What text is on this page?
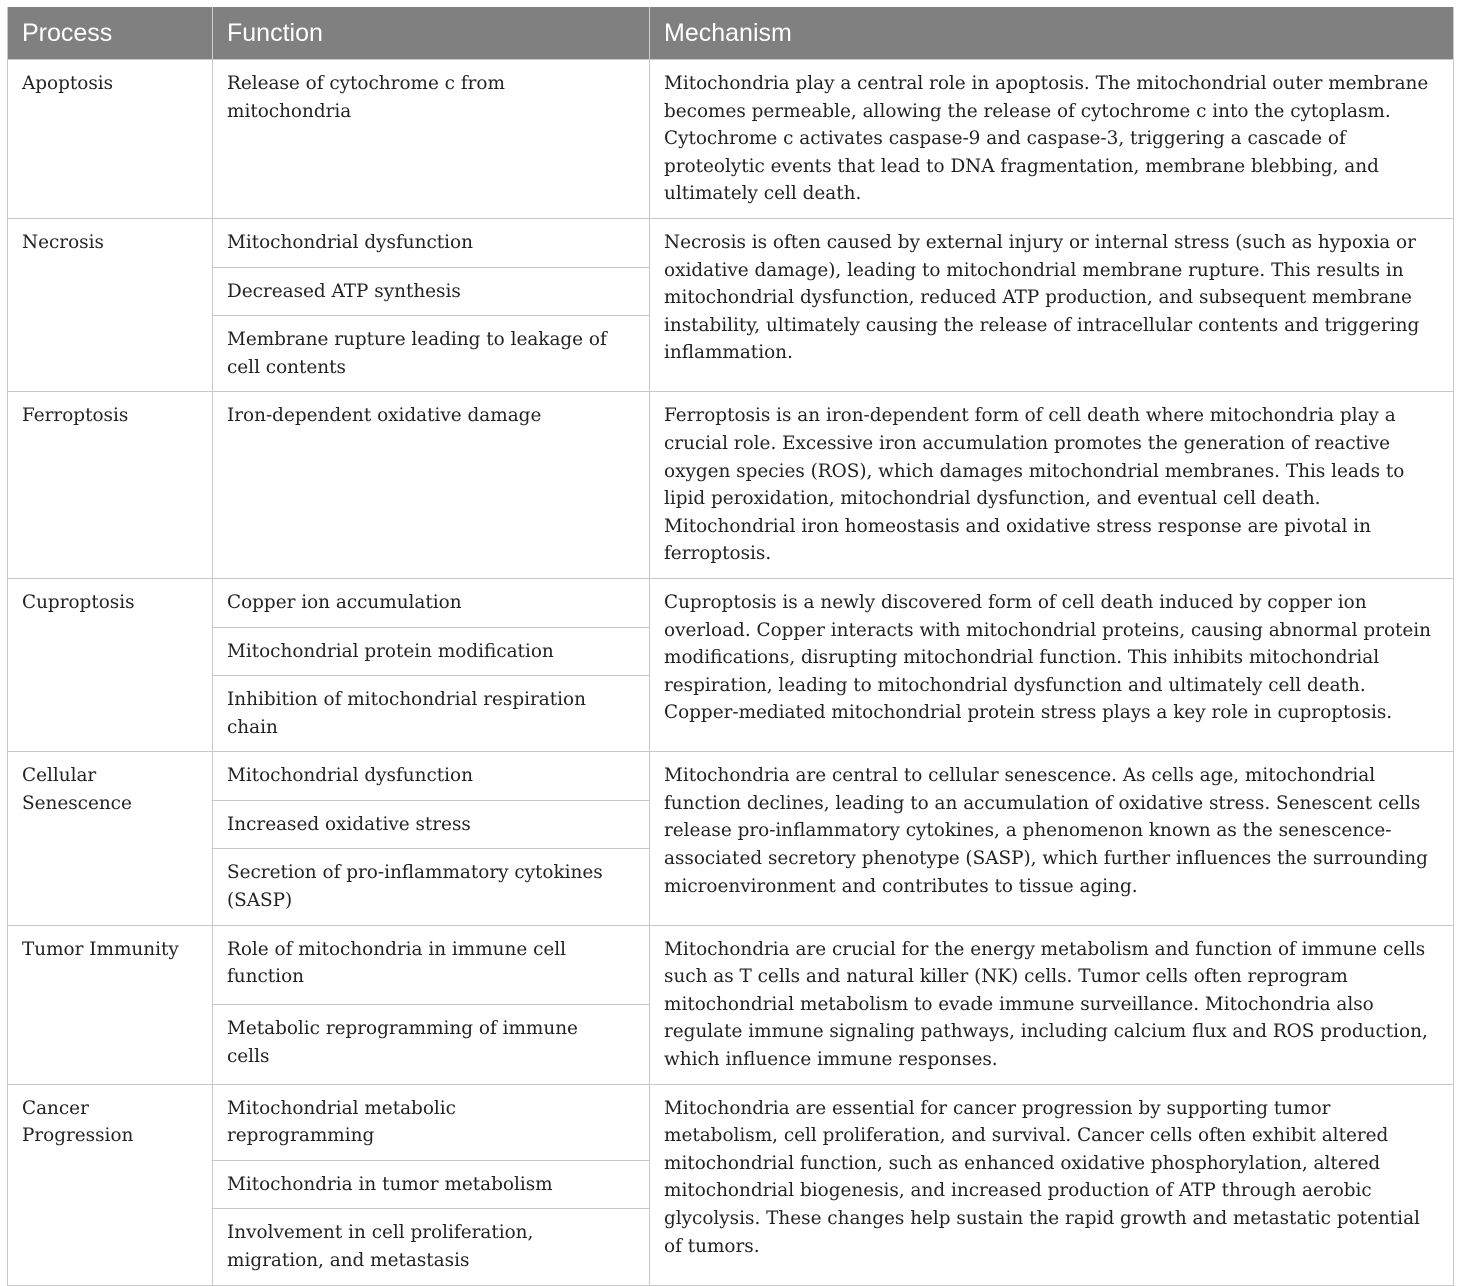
Process	Function	Mechanism
Apoptosis	Release of cytochrome c from mitochondria	Mitochondria play a central role in apoptosis. The mitochondrial outer membrane becomes permeable, allowing the release of cytochrome c into the cytoplasm. Cytochrome c activates caspase-9 and caspase-3, triggering a cascade of proteolytic events that lead to DNA fragmentation, membrane blebbing, and ultimately cell death.
Necrosis	Mitochondrial dysfunction	Necrosis is often caused by external injury or internal stress (such as hypoxia or oxidative damage), leading to mitochondrial membrane rupture. This results in mitochondrial dysfunction, reduced ATP production, and subsequent membrane instability, ultimately causing the release of intracellular contents and triggering inflammation.
	Decreased ATP synthesis	
	Membrane rupture leading to leakage of cell contents	
Ferroptosis	Iron-dependent oxidative damage	Ferroptosis is an iron-dependent form of cell death where mitochondria play a crucial role. Excessive iron accumulation promotes the generation of reactive oxygen species (ROS), which damages mitochondrial membranes. This leads to lipid peroxidation, mitochondrial dysfunction, and eventual cell death. Mitochondrial iron homeostasis and oxidative stress response are pivotal in ferroptosis.
Cuproptosis	Copper ion accumulation	Cuproptosis is a newly discovered form of cell death induced by copper ion overload. Copper interacts with mitochondrial proteins, causing abnormal protein modifications, disrupting mitochondrial function. This inhibits mitochondrial respiration, leading to mitochondrial dysfunction and ultimately cell death. Copper-mediated mitochondrial protein stress plays a key role in cuproptosis.
	Mitochondrial protein modification	
	Inhibition of mitochondrial respiration chain	
Cellular Senescence	Mitochondrial dysfunction	Mitochondria are central to cellular senescence. As cells age, mitochondrial function declines, leading to an accumulation of oxidative stress. Senescent cells release pro-inflammatory cytokines, a phenomenon known as the senescence-associated secretory phenotype (SASP), which further influences the surrounding microenvironment and contributes to tissue aging.
	Increased oxidative stress	
	Secretion of pro-inflammatory cytokines (SASP)	
Tumor Immunity	Role of mitochondria in immune cell function	Mitochondria are crucial for the energy metabolism and function of immune cells such as T cells and natural killer (NK) cells. Tumor cells often reprogram mitochondrial metabolism to evade immune surveillance. Mitochondria also regulate immune signaling pathways, including calcium flux and ROS production, which influence immune responses.
	Metabolic reprogramming of immune cells	
Cancer Progression	Mitochondrial metabolic reprogramming	Mitochondria are essential for cancer progression by supporting tumor metabolism, cell proliferation, and survival. Cancer cells often exhibit altered mitochondrial function, such as enhanced oxidative phosphorylation, altered mitochondrial biogenesis, and increased production of ATP through aerobic glycolysis. These changes help sustain the rapid growth and metastatic potential of tumors.
	Mitochondria in tumor metabolism	
	Involvement in cell proliferation, migration, and metastasis	
